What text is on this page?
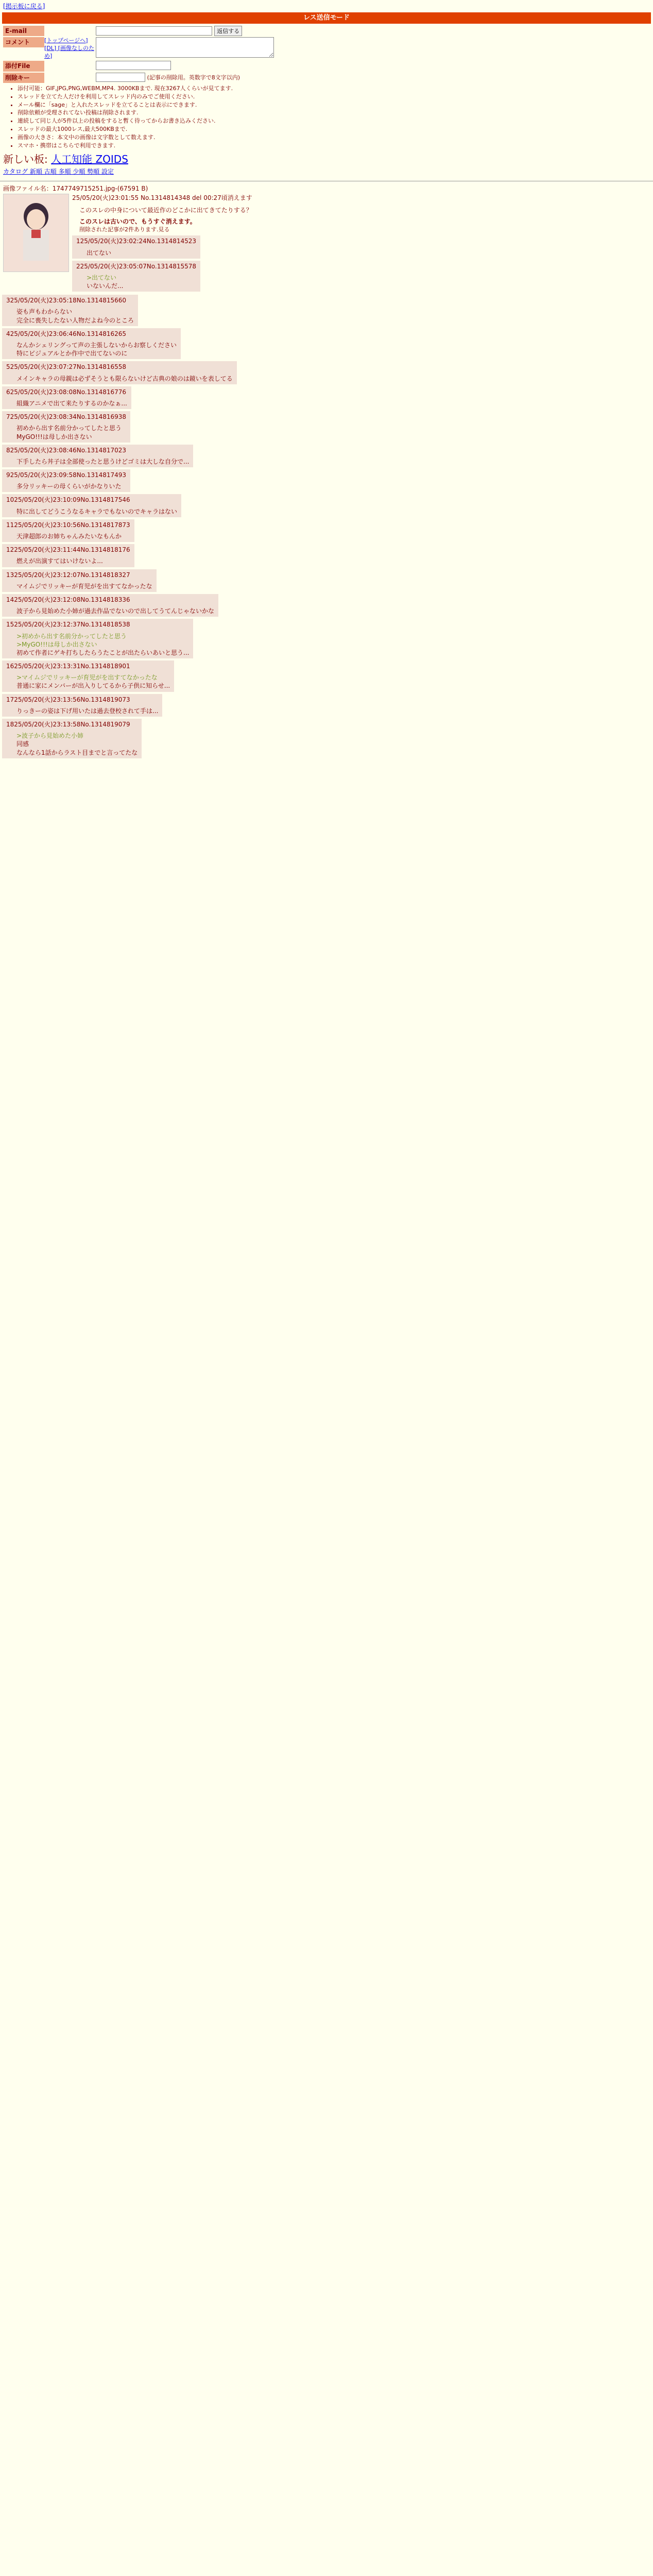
[掲示板に戻る]
レス送信モード
E-mail	返信する
コメント	[トップページへ] [DL] [画像なしのため]
添付File
削除キー	(記事の削除用。英数字で8文字以内)
• 添付可能：GIF,JPG,PNG,WEBM,MP4. 3000KBまで. 現在3267人くらいが見てます.
• スレッドを立てた人だけを利用してスレッド内のみでご使用ください.
• メール欄に「sage」と入れたスレッドを立てることは表示にできます.
• 削除依頼が受理されてない投稿は削除されます.
• 連続して同じ人が5件以上の投稿をすると暫く待ってからお書き込みください.
• スレッドの最大1000レス,最大500KBまで.
• 画像の大きさ：本文中の画像は文字数として数えます.
• スマホ・携帯はこちらで利用できます.
新しい板: 人工知能 ZOIDS
カタログ 新順 古順 多順 少順 勢順 設定
画像ファイル名：1747749715251.jpg-(67591 B)
25/05/20(火)23:01:55 No.1314814348 del 00:27頃消えます
このスレの中身について最近作のどこかに出てきてたりする？
このスレは古いので、もうすぐ消えます。
削除された記事が2件あります.見る
125/05/20(火)23:02:24No.1314814523
出てない
225/05/20(火)23:05:07No.1314815578
>出てない
いないんだ...
325/05/20(火)23:05:18No.1314815660
姿も声もわからない
完全に喪失したない人物だよね今のところ
425/05/20(火)23:06:46No.1314816265
なんかシェリングって声の主張しないからお察しください
特にビジュアルとか作中で出てないのに
525/05/20(火)23:07:27No.1314816558
メインキャラの母親は必ずそうとも限らないけど古典の娘のは鏡いを表してる
625/05/20(火)23:08:08No.1314816776
組織アニメで出て来たりするのかなぁ...
725/05/20(火)23:08:34No.1314816938
初めから出す名前分かってしたと思う
MyGO!!!は母しか出さない
825/05/20(火)23:08:46No.1314817023
下手したら丼子は全部使ったと思うけどゴミは大しな自分で...
925/05/20(火)23:09:58No.1314817493
多分リッキーの母くらいがかなりいた
1025/05/20(火)23:10:09No.1314817546
特に出してどうこうなるキャラでもないのでキャラはない
1125/05/20(火)23:10:56No.1314817873
天津超郎のお姉ちゃんみたいなもんか
1225/05/20(火)23:11:44No.1314818176
燃えが出演すてはいけないよ...
1325/05/20(火)23:12:07No.1314818327
マイムジでリッキーが育児がを出すてなかったな
1425/05/20(火)23:12:08No.1314818336
波子から見始めた小姉が過去作品でないので出してうてんじゃないかな
1525/05/20(火)23:12:37No.1314818538
>初めから出す名前分かってしたと思う
>MyGO!!!は母しか出さない
初めて作者にゲキ打ちしたらうたことが出たらいあいと思う...
1625/05/20(火)23:13:31No.1314818901
>マイムジでリッキーが育児がを出すてなかったな
普通に家にメンバーが出入りしてるから子供に知らせ...
1725/05/20(火)23:13:56No.1314819073
りっきーの姿は下げ用いたは過去登校されて手は...
1825/05/20(火)23:13:58No.1314819079
>波子から見始めた小姉
同感
なんなら1話からラスト目までと言ってたな
